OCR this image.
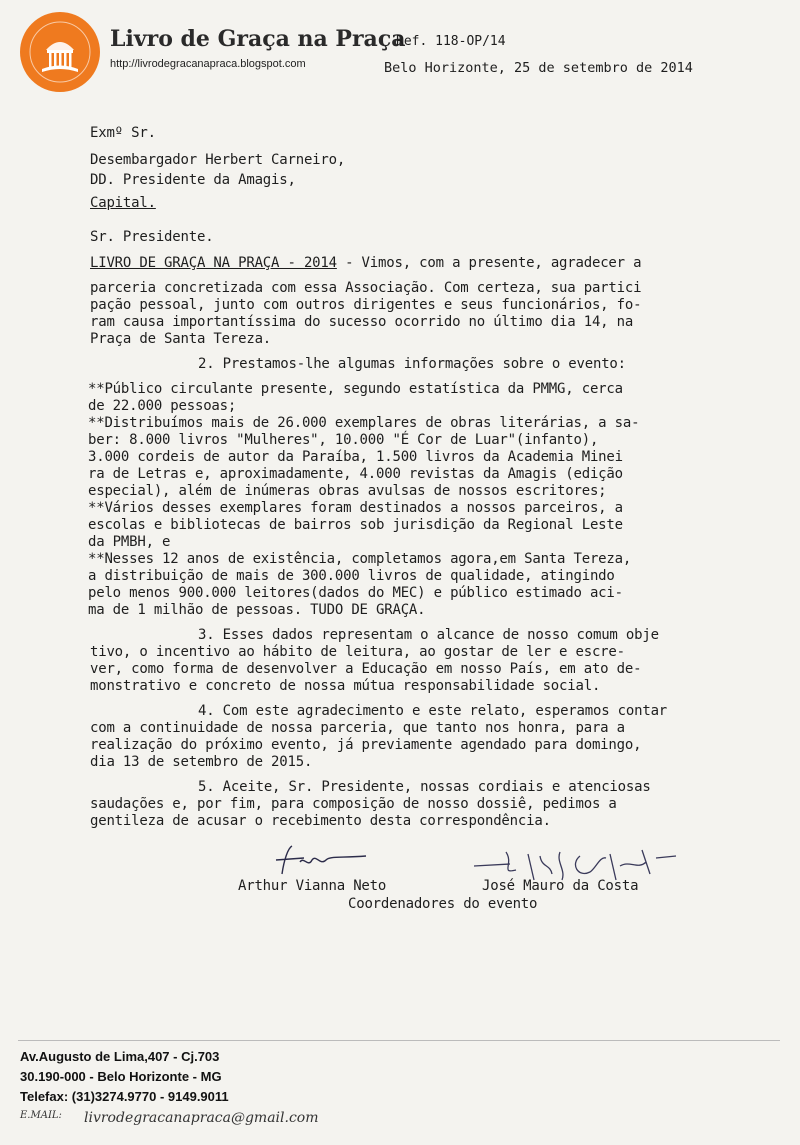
Livro de Graça na Praça
http://livrodegracanapraca.blogspot.com
Ref. 118-OP/14
Belo Horizonte, 25 de setembro de 2014
Exmº Sr.
Desembargador Herbert Carneiro,
DD. Presidente da Amagis,
Capital.
Sr. Presidente.
LIVRO DE GRAÇA NA PRAÇA - 2014 - Vimos, com a presente, agradecer a
parceria concretizada com essa Associação. Com certeza, sua partici
pação pessoal, junto com outros dirigentes e seus funcionários, fo-
ram causa importantíssima do sucesso ocorrido no último dia 14, na
Praça de Santa Tereza.
2. Prestamos-lhe algumas informações sobre o evento:
**Público circulante presente, segundo estatística da PMMG, cerca
de 22.000 pessoas;
**Distribuímos mais de 26.000 exemplares de obras literárias, a sa-
ber: 8.000 livros "Mulheres", 10.000 "É Cor de Luar"(infanto),
3.000 cordeis de autor da Paraíba, 1.500 livros da Academia Minei
ra de Letras e, aproximadamente, 4.000 revistas da Amagis (edição
especial), além de inúmeras obras avulsas de nossos escritores;
**Vários desses exemplares foram destinados a nossos parceiros, a
escolas e bibliotecas de bairros sob jurisdição da Regional Leste
da PMBH, e
**Nesses 12 anos de existência, completamos agora,em Santa Tereza,
a distribuição de mais de 300.000 livros de qualidade, atingindo
pelo menos 900.000 leitores(dados do MEC) e público estimado aci-
ma de 1 milhão de pessoas. TUDO DE GRAÇA.
3. Esses dados representam o alcance de nosso comum obje
tivo, o incentivo ao hábito de leitura, ao gostar de ler e escre-
ver, como forma de desenvolver a Educação em nosso País, em ato de-
monstrativo e concreto de nossa mútua responsabilidade social.
4. Com este agradecimento e este relato, esperamos contar
com a continuidade de nossa parceria, que tanto nos honra, para a
realização do próximo evento, já previamente agendado para domingo,
dia 13 de setembro de 2015.
5. Aceite, Sr. Presidente, nossas cordiais e atenciosas
saudações e, por fim, para composição de nosso dossiê, pedimos a
gentileza de acusar o recebimento desta correspondência.
Arthur Vianna Neto	José Mauro da Costa
Coordenadores do evento
Av.Augusto de Lima,407 - Cj.703
30.190-000 - Belo Horizonte - MG
Telefax: (31)3274.9770 - 9149.9011
E.MAIL: livrodegracanapraca@gmail.com
